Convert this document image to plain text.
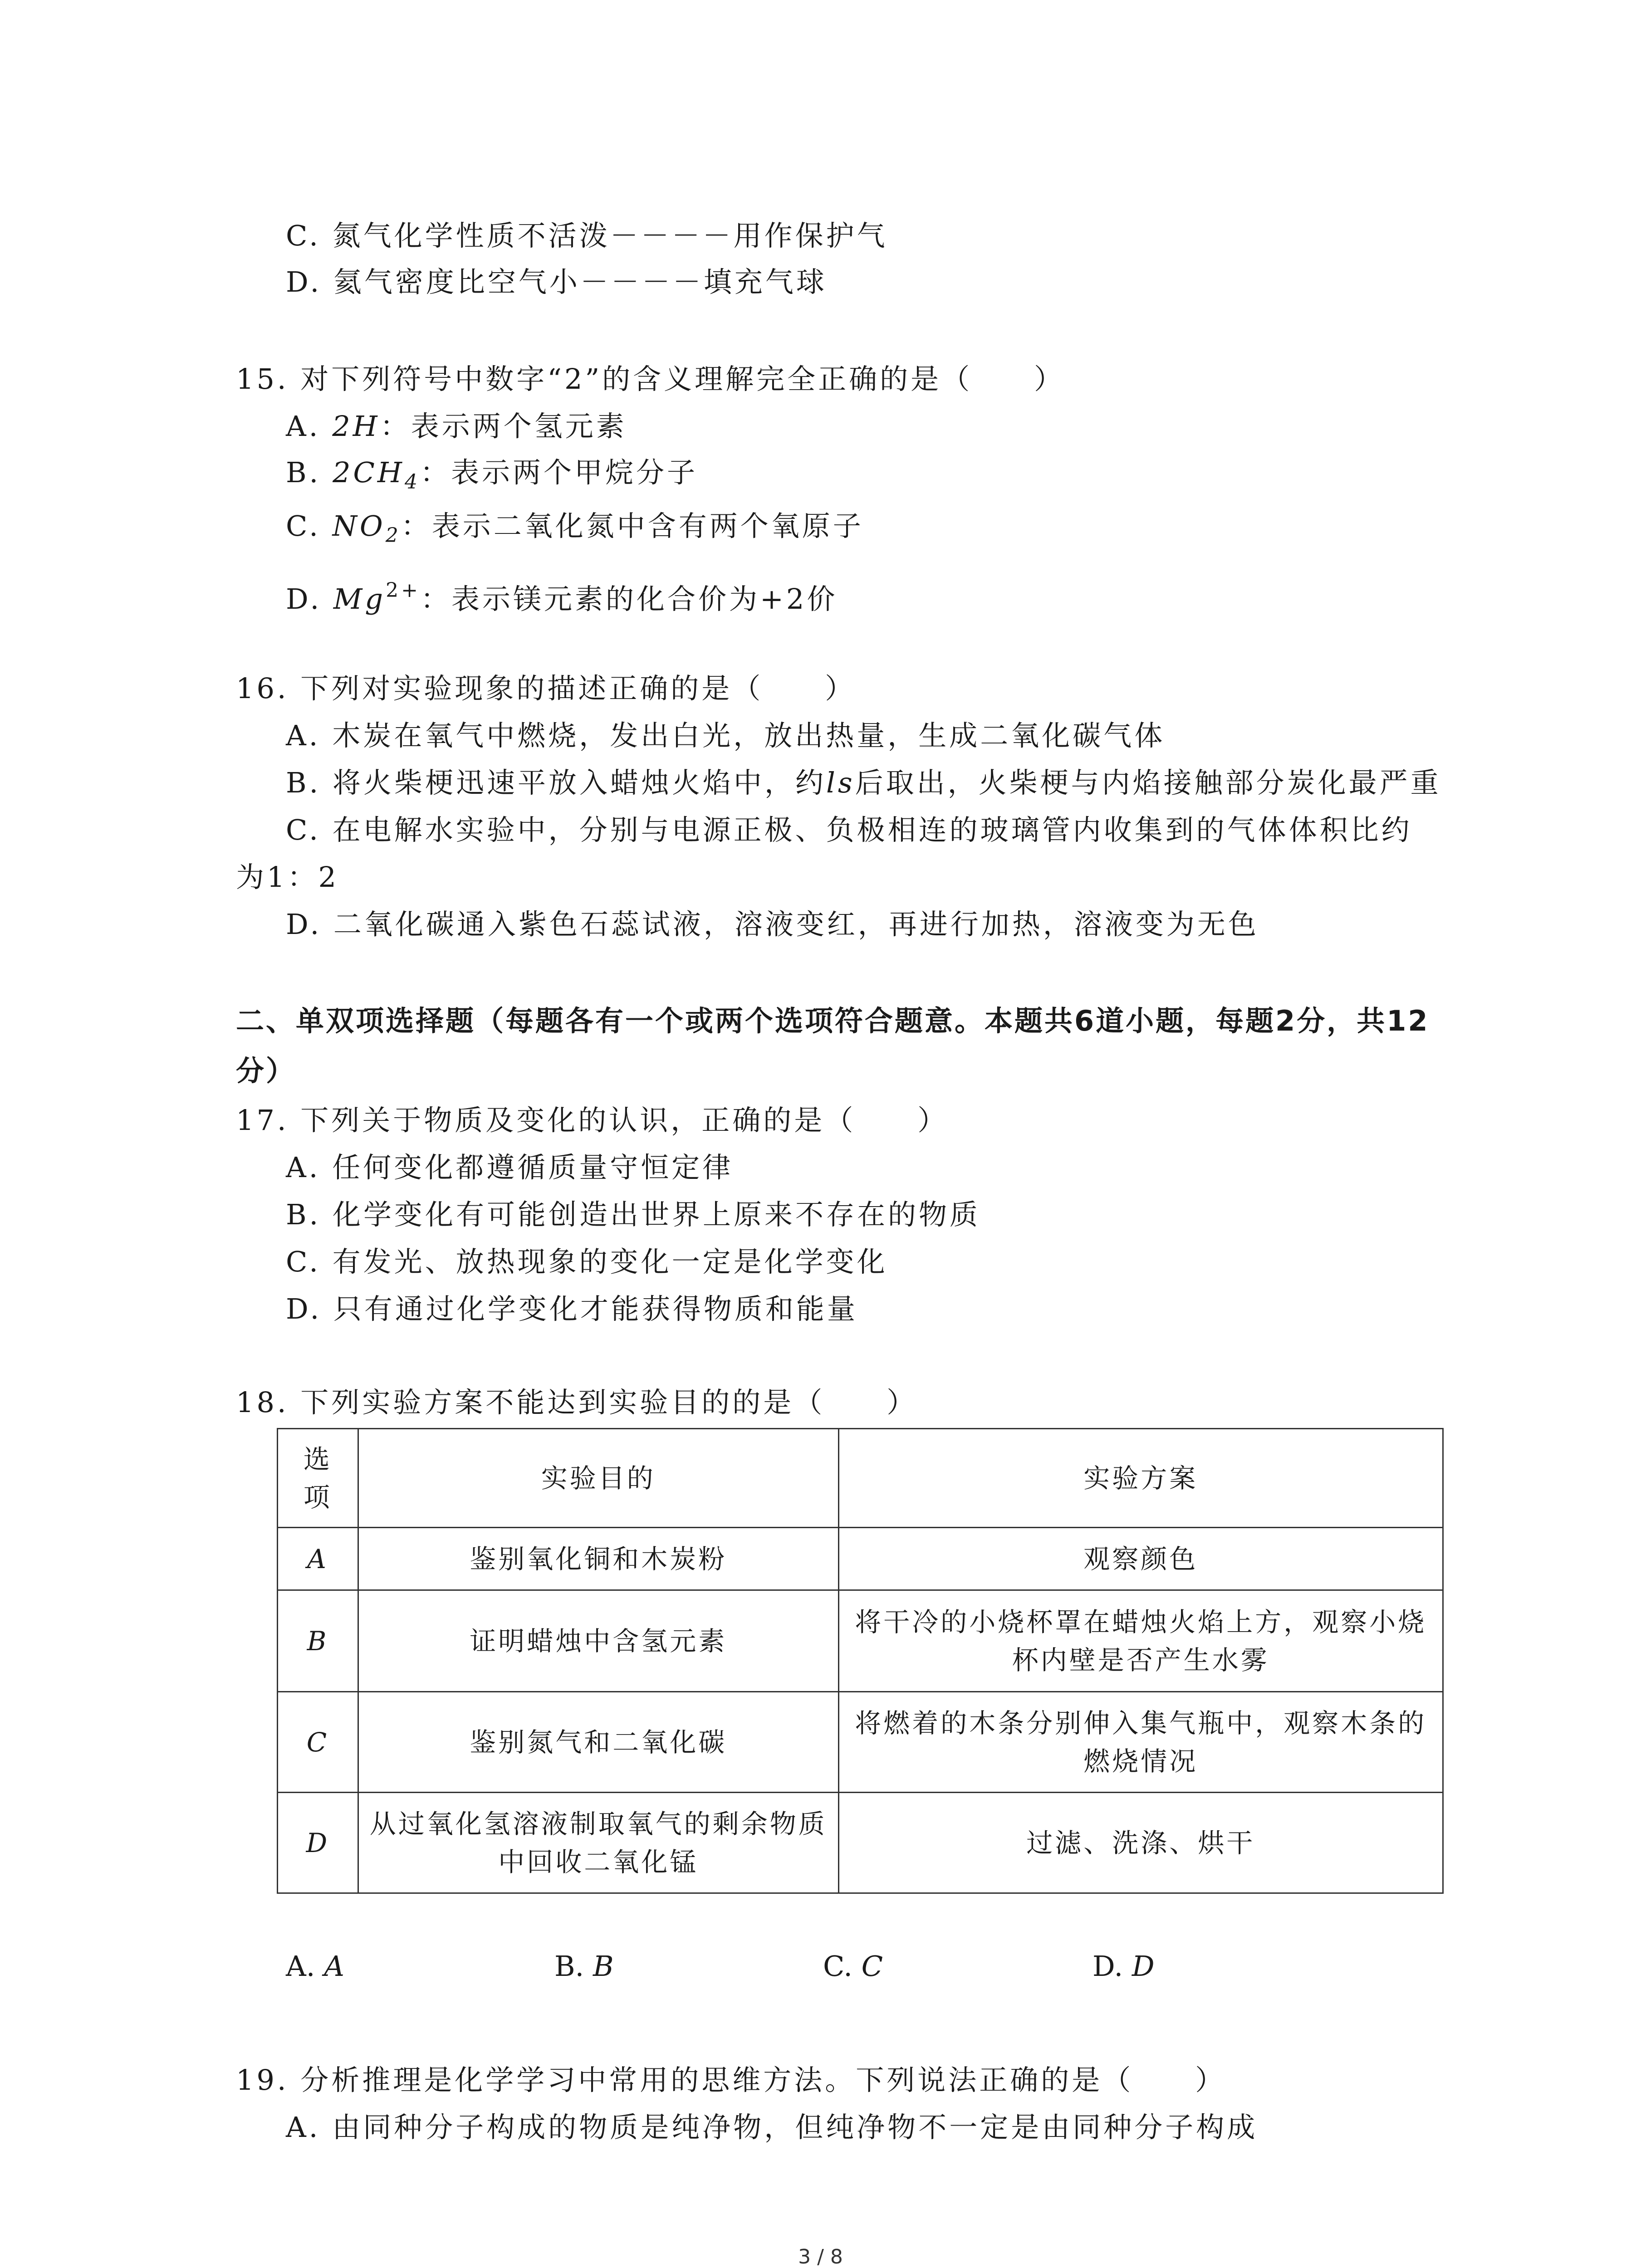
C. 氮气化学性质不活泼－－－－用作保护气
D. 氦气密度比空气小－－－－填充气球
15. 对下列符号中数字“2”的含义理解完全正确的是（　　）
A. 2H：表示两个氢元素
B. $2CH_4$：表示两个甲烷分子
C. $NO_2$：表示二氧化氮中含有两个氧原子
D. $Mg^{2+}$：表示镁元素的化合价为+2价
16. 下列对实验现象的描述正确的是（　　）
A. 木炭在氧气中燃烧，发出白光，放出热量，生成二氧化碳气体
B. 将火柴梗迅速平放入蜡烛火焰中，约ls后取出，火柴梗与内焰接触部分炭化最严重
C. 在电解水实验中，分别与电源正极、负极相连的玻璃管内收集到的气体体积比约
为1：2
D. 二氧化碳通入紫色石蕊试液，溶液变红，再进行加热，溶液变为无色
二、单双项选择题（每题各有一个或两个选项符合题意。本题共6道小题，每题2分，共12
分）
17. 下列关于物质及变化的认识，正确的是（　　）
A. 任何变化都遵循质量守恒定律
B. 化学变化有可能创造出世界上原来不存在的物质
C. 有发光、放热现象的变化一定是化学变化
D. 只有通过化学变化才能获得物质和能量
18. 下列实验方案不能达到实验目的的是（　　）
选项	实验目的	实验方案
A	鉴别氧化铜和木炭粉	观察颜色
B	证明蜡烛中含氢元素	将干冷的小烧杯罩在蜡烛火焰上方，观察小烧杯内壁是否产生水雾
C	鉴别氮气和二氧化碳	将燃着的木条分别伸入集气瓶中，观察木条的燃烧情况
D	从过氧化氢溶液制取氧气的剩余物质中回收二氧化锰	过滤、洗涤、烘干
A. A	B. B	C. C	D. D
19. 分析推理是化学学习中常用的思维方法。下列说法正确的是（　　）
A. 由同种分子构成的物质是纯净物，但纯净物不一定是由同种分子构成
3 / 8
